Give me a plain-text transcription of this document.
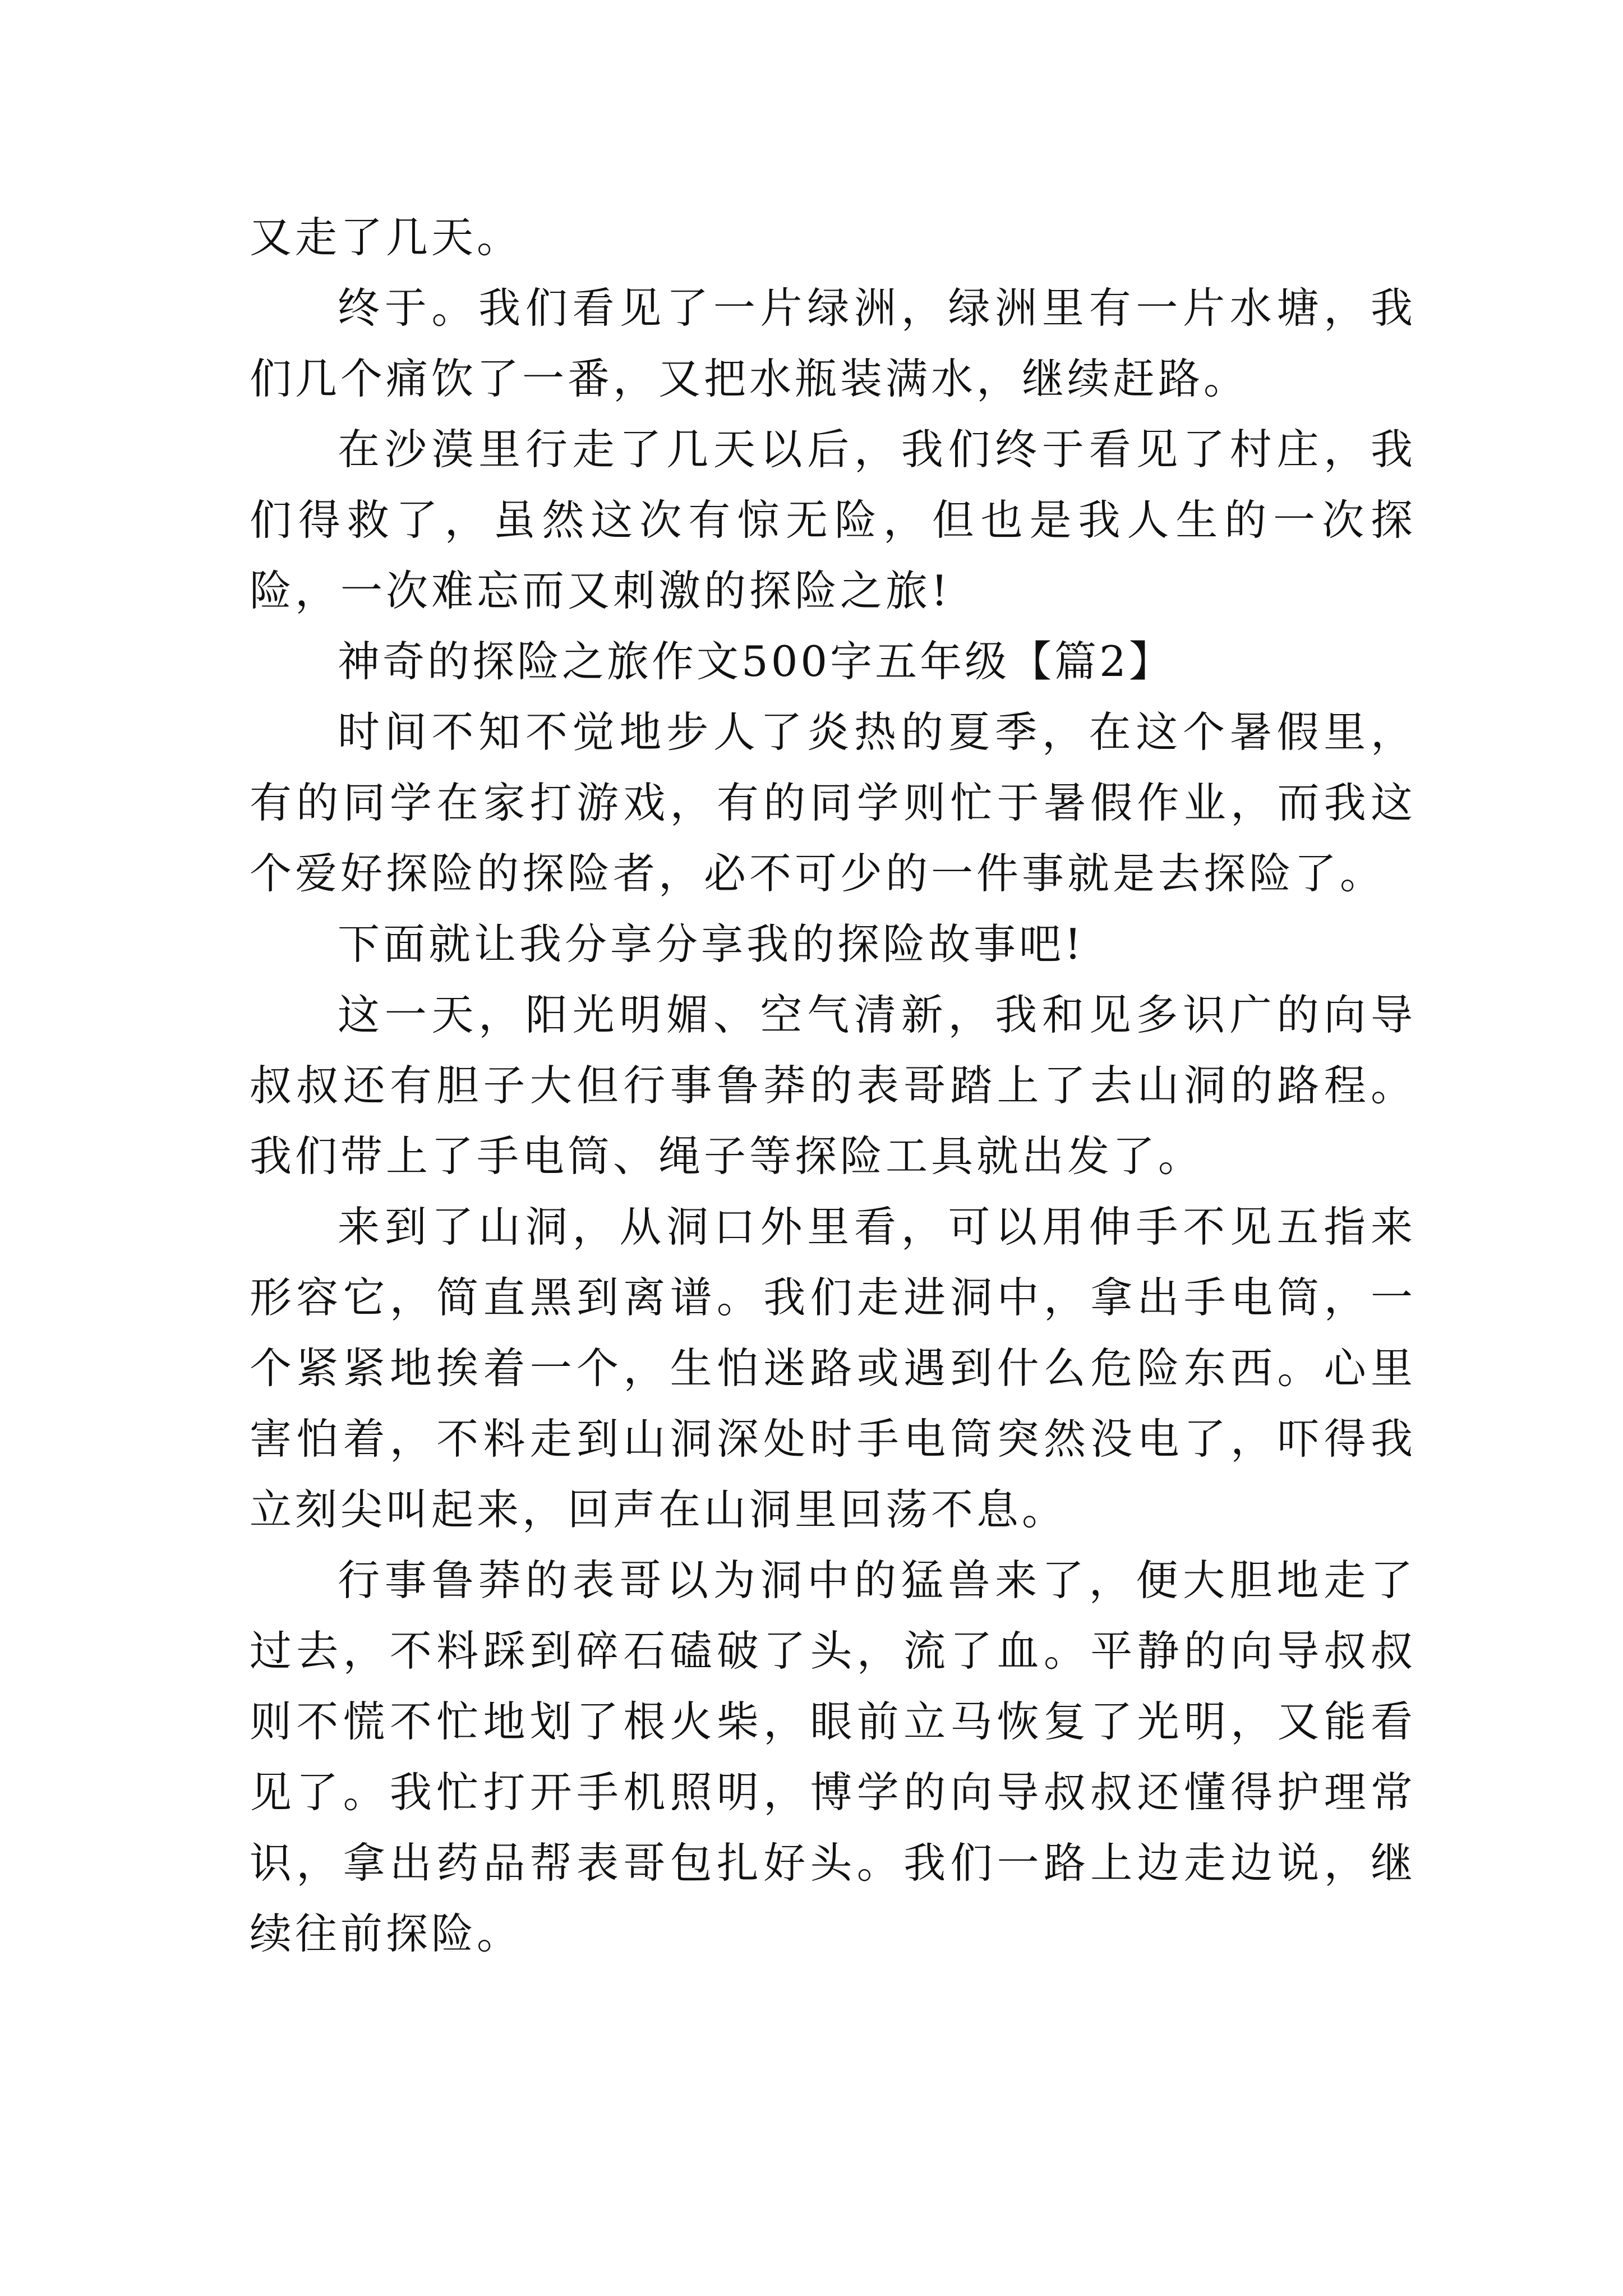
又走了几天。

终于。我们看见了一片绿洲，绿洲里有一片水塘，我们几个痛饮了一番，又把水瓶装满水，继续赶路。

在沙漠里行走了几天以后，我们终于看见了村庄，我们得救了，虽然这次有惊无险，但也是我人生的一次探险，一次难忘而又刺激的探险之旅!

神奇的探险之旅作文500字五年级【篇2】

时间不知不觉地步人了炎热的夏季，在这个暑假里，有的同学在家打游戏，有的同学则忙于暑假作业，而我这个爱好探险的探险者，必不可少的一件事就是去探险了。

下面就让我分享分享我的探险故事吧!

这一天，阳光明媚、空气清新，我和见多识广的向导叔叔还有胆子大但行事鲁莽的表哥踏上了去山洞的路程。我们带上了手电筒、绳子等探险工具就出发了。

来到了山洞，从洞口外里看，可以用伸手不见五指来形容它，简直黑到离谱。我们走进洞中，拿出手电筒，一个紧紧地挨着一个，生怕迷路或遇到什么危险东西。心里害怕着，不料走到山洞深处时手电筒突然没电了，吓得我立刻尖叫起来，回声在山洞里回荡不息。

行事鲁莽的表哥以为洞中的猛兽来了，便大胆地走了过去，不料踩到碎石磕破了头，流了血。平静的向导叔叔则不慌不忙地划了根火柴，眼前立马恢复了光明，又能看见了。我忙打开手机照明，博学的向导叔叔还懂得护理常识，拿出药品帮表哥包扎好头。我们一路上边走边说，继续往前探险。
